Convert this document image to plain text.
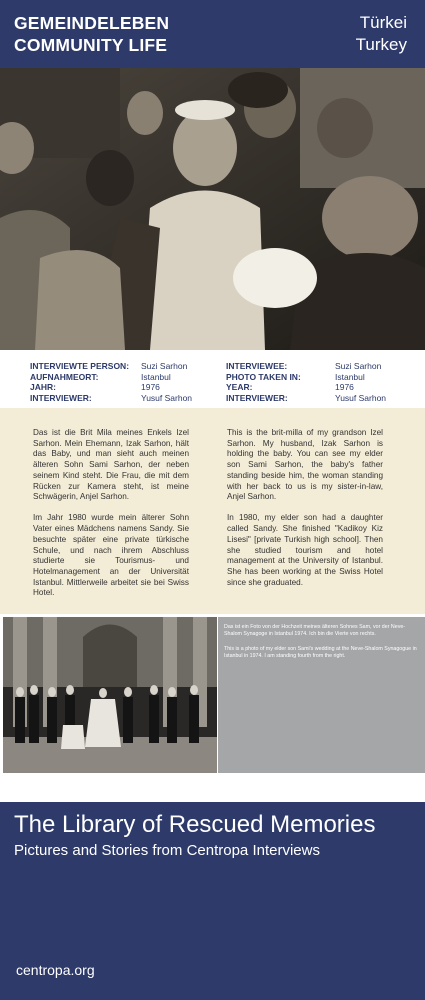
GEMEINDELEBEN
COMMUNITY LIFE
Türkei
Turkey
INTERVIEWTE PERSON:
AUFNAHMEORT:
JAHR:
INTERVIEWER:
Suzi Sarhon
Istanbul
1976
Yusuf Sarhon
INTERVIEWEE:
PHOTO TAKEN IN:
YEAR:
INTERVIEWER:
Suzi Sarhon
Istanbul
1976
Yusuf Sarhon

Das ist die Brit Mila meines Enkels Izel Sarhon. Mein Ehemann, Izak Sarhon, hält das Baby, und man sieht auch meinen älteren Sohn Sami Sarhon, der neben seinem Kind steht. Die Frau, die mit dem Rücken zur Kamera steht, ist meine Schwägerin, Anjel Sarhon.

Im Jahr 1980 wurde mein älterer Sohn Vater eines Mädchens namens Sandy. Sie besuchte später eine private türkische Schule, und nach ihrem Abschluss studierte sie Tourismus- und Hotelmanagement an der Universität Istanbul. Mittlerweile arbeitet sie bei Swiss Hotel.

This is the brit-milla of my grandson Izel Sarhon. My husband, Izak Sarhon is holding the baby. You can see my elder son Sami Sarhon, the baby's father standing beside him, the woman standing with her back to us is my sister-in-law, Anjel Sarhon.

In 1980, my elder son had a daughter called Sandy. She finished "Kadikoy Kiz Lisesi" [private Turkish high school]. Then she studied tourism and hotel management at the University of Istanbul. She has been working at the Swiss Hotel since she graduated.

Das ist ein Foto von der Hochzeit meines älteren Sohnes Sam, vor der Neve-Shalom Synagoge in Istanbul 1974. Ich bin die Vierte von rechts.

This is a photo of my elder son Sami's wedding at the Neve-Shalom Synagogue in Istanbul in 1974. I am standing fourth from the right.

The Library of Rescued Memories
Pictures and Stories from Centropa Interviews
centropa.org
